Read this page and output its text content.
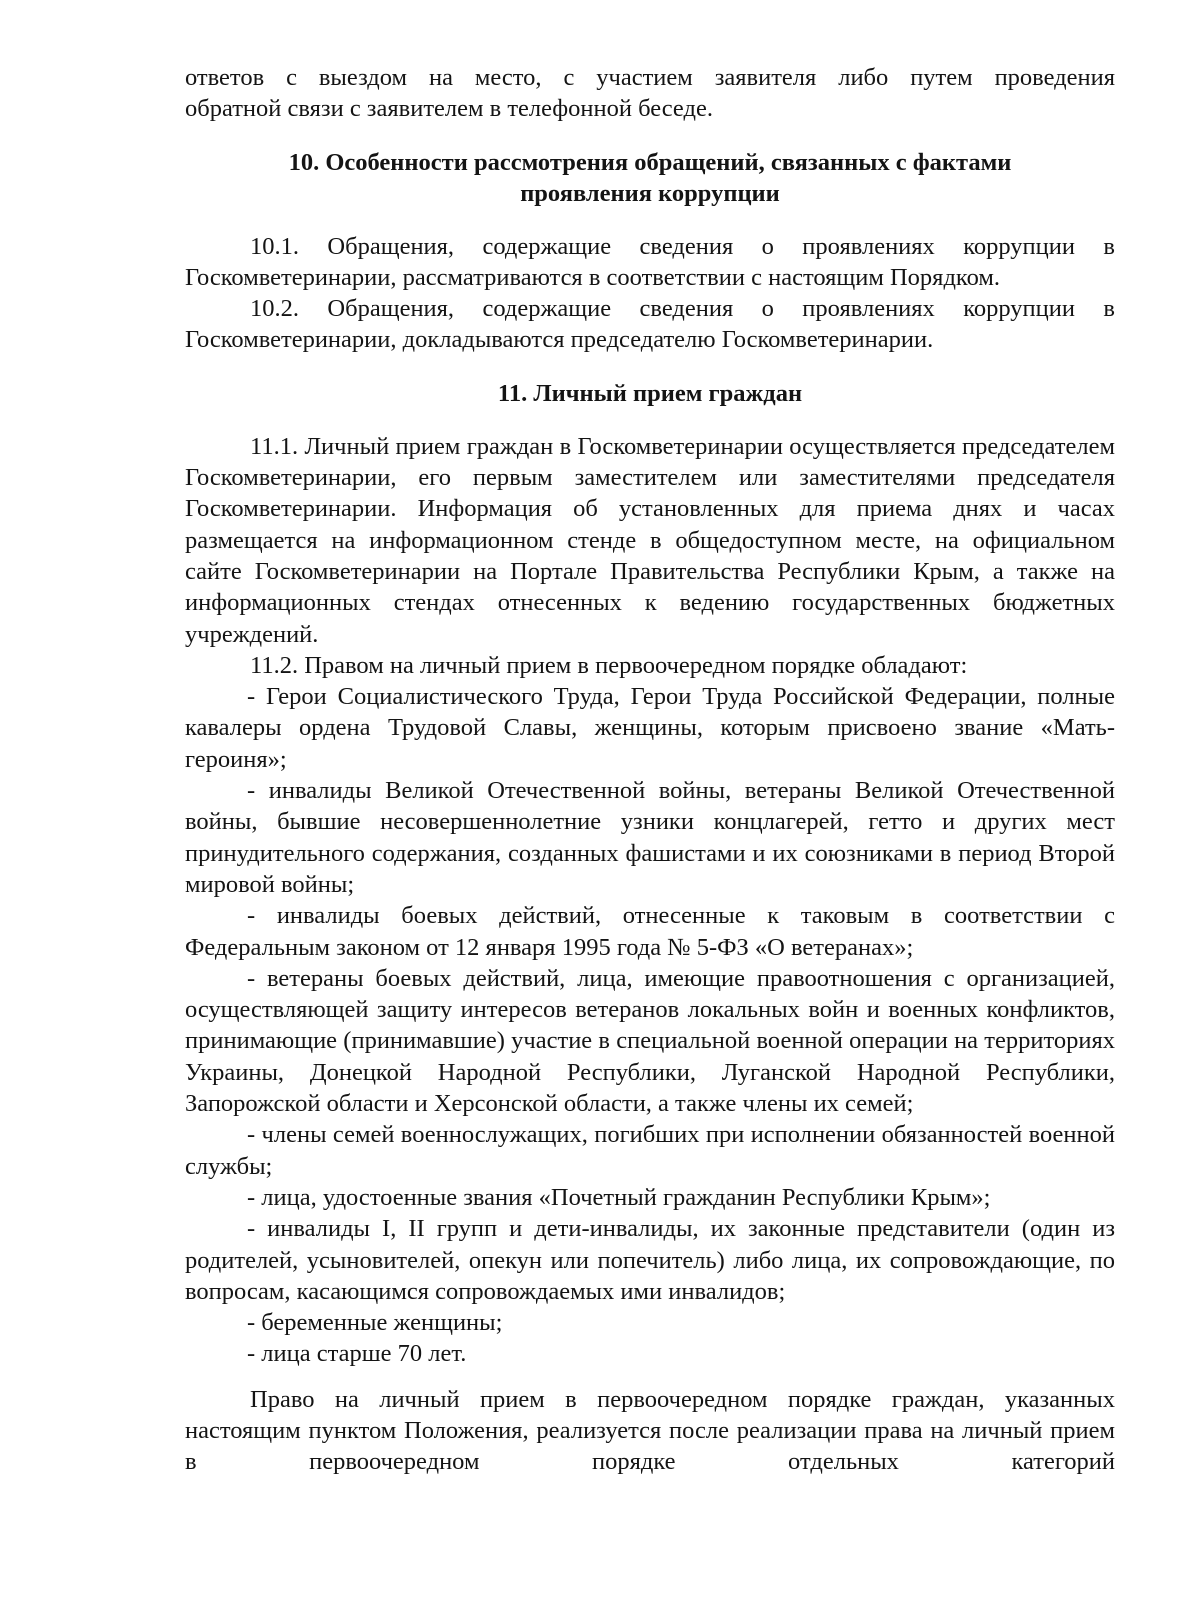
ответов с выездом на место, с участием заявителя либо путем проведения

обратной связи с заявителем в телефонной беседе.

10. Особенности рассмотрения обращений, связанных с фактами

проявления коррупции

10.1. Обращения, содержащие сведения о проявлениях коррупции в

Госкомветеринарии, рассматриваются в соответствии с настоящим Порядком.

10.2. Обращения, содержащие сведения о проявлениях коррупции в

Госкомветеринарии, докладываются председателю Госкомветеринарии.

11. Личный прием граждан

11.1. Личный прием граждан в Госкомветеринарии осуществляется председателем Госкомветеринарии, его первым заместителем или заместителями председателя Госкомветеринарии. Информация об установленных для приема днях и часах размещается на информационном стенде в общедоступном месте, на официальном сайте Госкомветеринарии на Портале Правительства Республики Крым, а также на информационных стендах отнесенных к ведению государственных бюджетных учреждений.

11.2. Правом на личный прием в первоочередном порядке обладают:

- Герои Социалистического Труда, Герои Труда Российской Федерации, полные кавалеры ордена Трудовой Славы, женщины, которым присвоено звание «Мать-героиня»;

- инвалиды Великой Отечественной войны, ветераны Великой Отечественной войны, бывшие несовершеннолетние узники концлагерей, гетто и других мест принудительного содержания, созданных фашистами и их союзниками в период Второй мировой войны;

- инвалиды боевых действий, отнесенные к таковым в соответствии с Федеральным законом от 12 января 1995 года № 5-ФЗ «О ветеранах»;

- ветераны боевых действий, лица, имеющие правоотношения с организацией, осуществляющей защиту интересов ветеранов локальных войн и военных конфликтов, принимающие (принимавшие) участие в специальной военной операции на территориях Украины, Донецкой Народной Республики, Луганской Народной Республики, Запорожской области и Херсонской области, а также члены их семей;

- члены семей военнослужащих, погибших при исполнении обязанностей военной службы;

- лица, удостоенные звания «Почетный гражданин Республики Крым»;

- инвалиды I, II групп и дети-инвалиды, их законные представители (один из родителей, усыновителей, опекун или попечитель) либо лица, их сопровождающие, по вопросам, касающимся сопровождаемых ими инвалидов;

- беременные женщины;

- лица старше 70 лет.

Право на личный прием в первоочередном порядке граждан, указанных настоящим пунктом Положения, реализуется после реализации права на личный прием в первоочередном порядке отдельных категорий
